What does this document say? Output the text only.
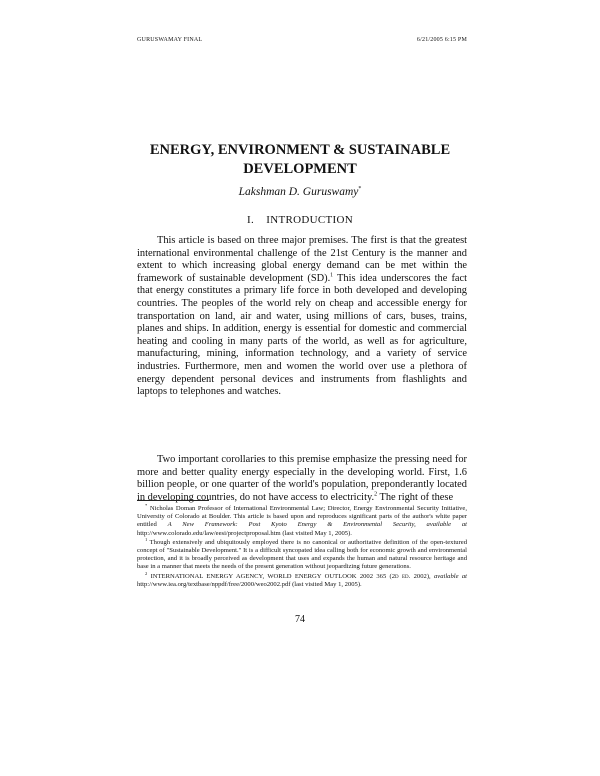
GURUSWAMAY FINAL	6/21/2005 6:15 PM
ENERGY, ENVIRONMENT & SUSTAINABLE DEVELOPMENT
Lakshman D. Guruswamy*
I. INTRODUCTION

This article is based on three major premises. The first is that the greatest international environmental challenge of the 21st Century is the manner and extent to which increasing global energy demand can be met within the framework of sustainable development (SD).$^1$ This idea underscores the fact that energy constitutes a primary life force in both developed and developing countries. The peoples of the world rely on cheap and accessible energy for transportation on land, air and water, using millions of cars, buses, trains, planes and ships. In addition, energy is essential for domestic and commercial heating and cooling in many parts of the world, as well as for agriculture, manufacturing, mining, information technology, and a variety of service industries. Furthermore, men and women the world over use a plethora of energy dependent personal devices and instruments from flashlights and laptops to telephones and watches.

Two important corollaries to this premise emphasize the pressing need for more and better quality energy especially in the developing world. First, 1.6 billion people, or one quarter of the world's population, preponderantly located in developing countries, do not have access to electricity.$^2$ The right of these

* Nicholas Doman Professor of International Environmental Law; Director, Energy Environmental Security Initiative, University of Colorado at Boulder. This article is based upon and reproduces significant parts of the author's white paper entitled A New Framework: Post Kyoto Energy & Environmental Security, available at http://www.colorado.edu/law/eesi/projectproposal.htm (last visited May 1, 2005).

$^1$ Though extensively and ubiquitously employed there is no canonical or authoritative definition of the open-textured concept of "Sustainable Development." It is a difficult syncopated idea calling both for economic growth and environmental protection, and it is broadly perceived as development that uses and expands the human and natural resource heritage and base in a manner that meets the needs of the present generation without jeopardizing future generations.

$^2$ INTERNATIONAL ENERGY AGENCY, WORLD ENERGY OUTLOOK 2002 365 (2d ed. 2002), available at http://www.iea.org/textbase/nppdf/free/2000/weo2002.pdf (last visited May 1, 2005).

74
